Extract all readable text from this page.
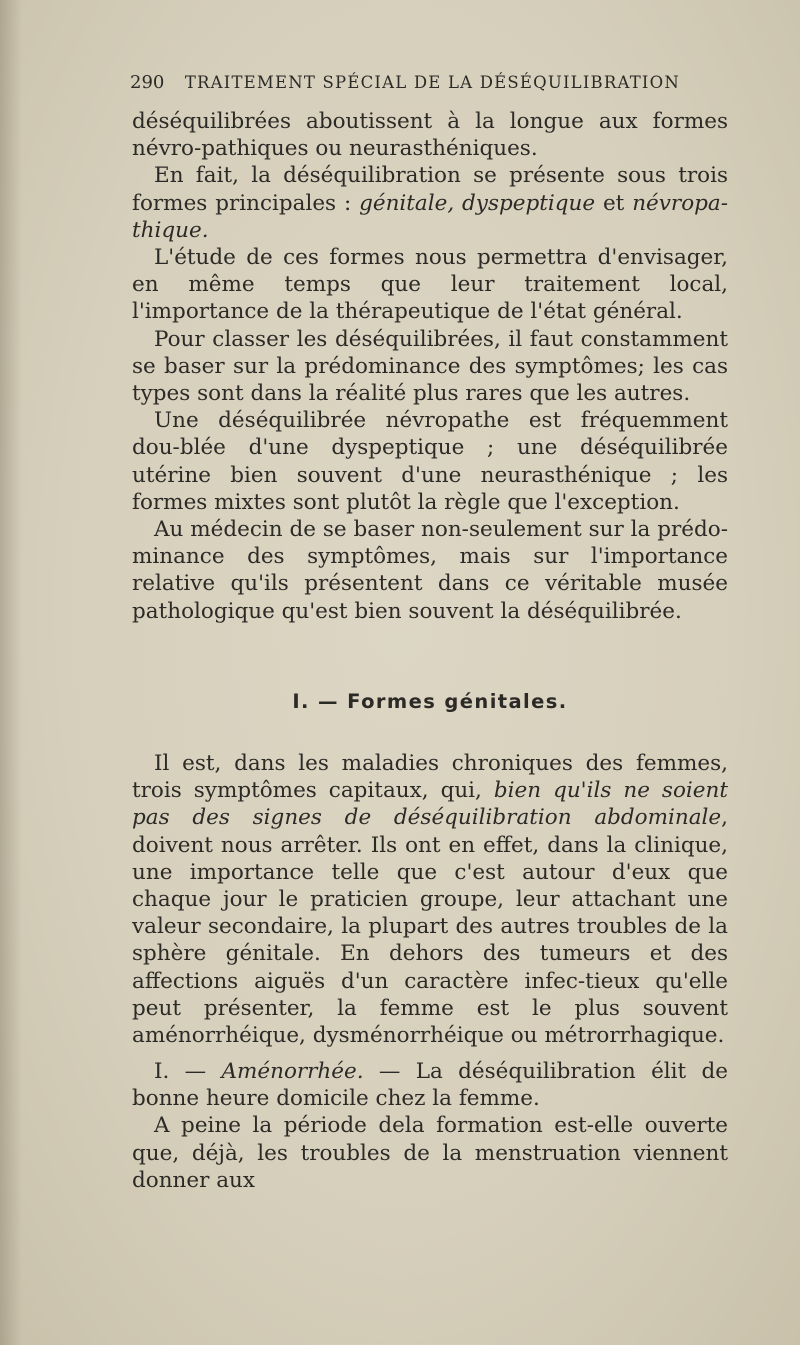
290 TRAITEMENT SPÉCIAL DE LA DÉSÉQUILIBRATION

déséquilibrées aboutissent à la longue aux formes névro-pathiques ou neurasthéniques.

En fait, la déséquilibration se présente sous trois formes principales : génitale, dyspeptique et névropa-thique.

L'étude de ces formes nous permettra d'envisager, en même temps que leur traitement local, l'importance de la thérapeutique de l'état général.

Pour classer les déséquilibrées, il faut constamment se baser sur la prédominance des symptômes; les cas types sont dans la réalité plus rares que les autres.

Une déséquilibrée névropathe est fréquemment dou-blée d'une dyspeptique ; une déséquilibrée utérine bien souvent d'une neurasthénique ; les formes mixtes sont plutôt la règle que l'exception.

Au médecin de se baser non-seulement sur la prédo-minance des symptômes, mais sur l'importance relative qu'ils présentent dans ce véritable musée pathologique qu'est bien souvent la déséquilibrée.

I. — Formes génitales.

Il est, dans les maladies chroniques des femmes, trois symptômes capitaux, qui, bien qu'ils ne soient pas des signes de déséquilibration abdominale, doivent nous arrêter. Ils ont en effet, dans la clinique, une importance telle que c'est autour d'eux que chaque jour le praticien groupe, leur attachant une valeur secondaire, la plupart des autres troubles de la sphère génitale. En dehors des tumeurs et des affections aiguës d'un caractère infec-tieux qu'elle peut présenter, la femme est le plus souvent aménorrhéique, dysménorrhéique ou métrorrhagique.

I. — Aménorrhée. — La déséquilibration élit de bonne heure domicile chez la femme.

A peine la période dela formation est-elle ouverte que, déjà, les troubles de la menstruation viennent donner aux
